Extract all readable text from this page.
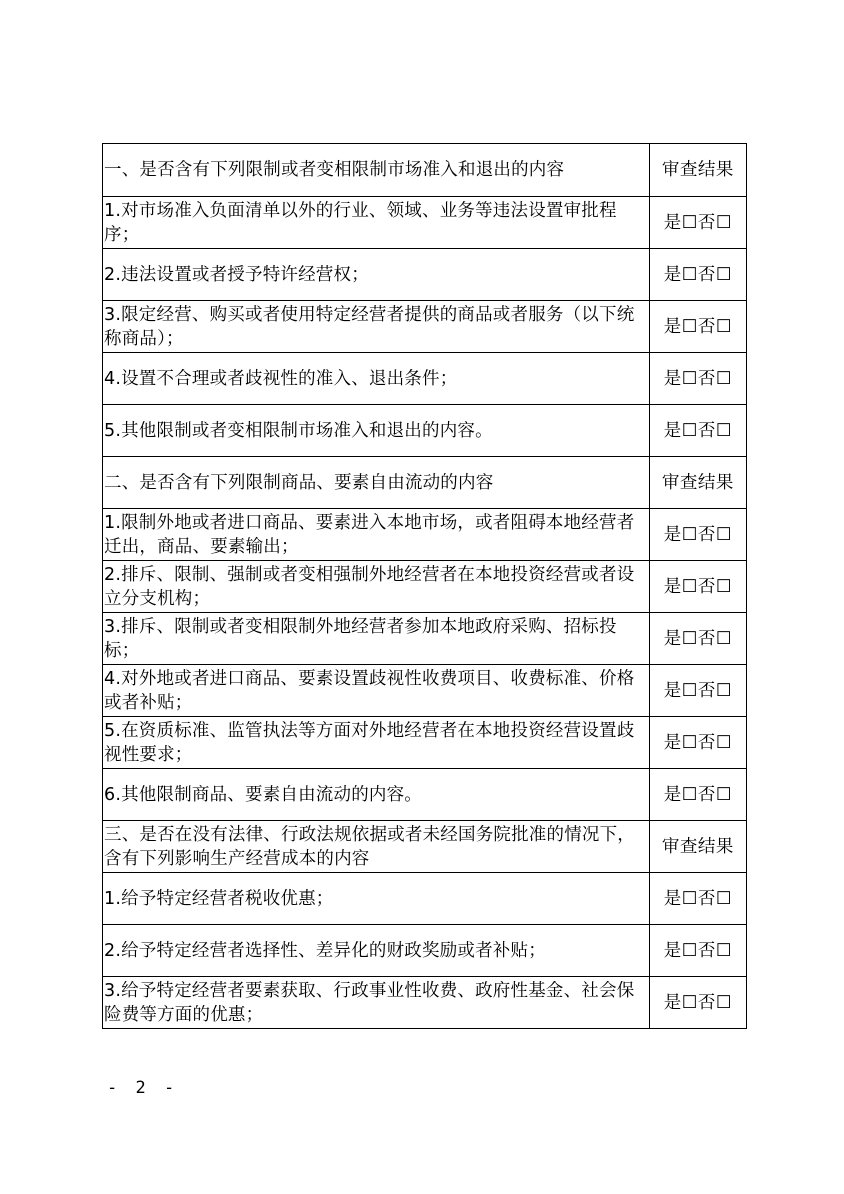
一、是否含有下列限制或者变相限制市场准入和退出的内容	审查结果
1.对市场准入负面清单以外的行业、领域、业务等违法设置审批程序；	是☐否☐
2.违法设置或者授予特许经营权；	是☐否☐
3.限定经营、购买或者使用特定经营者提供的商品或者服务（以下统称商品）；	是☐否☐
4.设置不合理或者歧视性的准入、退出条件；	是☐否☐
5.其他限制或者变相限制市场准入和退出的内容。	是☐否☐
二、是否含有下列限制商品、要素自由流动的内容	审查结果
1.限制外地或者进口商品、要素进入本地市场，或者阻碍本地经营者迁出，商品、要素输出；	是☐否☐
2.排斥、限制、强制或者变相强制外地经营者在本地投资经营或者设立分支机构；	是☐否☐
3.排斥、限制或者变相限制外地经营者参加本地政府采购、招标投标；	是☐否☐
4.对外地或者进口商品、要素设置歧视性收费项目、收费标准、价格或者补贴；	是☐否☐
5.在资质标准、监管执法等方面对外地经营者在本地投资经营设置歧视性要求；	是☐否☐
6.其他限制商品、要素自由流动的内容。	是☐否☐
三、是否在没有法律、行政法规依据或者未经国务院批准的情况下，含有下列影响生产经营成本的内容	审查结果
1.给予特定经营者税收优惠；	是☐否☐
2.给予特定经营者选择性、差异化的财政奖励或者补贴；	是☐否☐
3.给予特定经营者要素获取、行政事业性收费、政府性基金、社会保险费等方面的优惠；	是☐否☐
- 2 -
